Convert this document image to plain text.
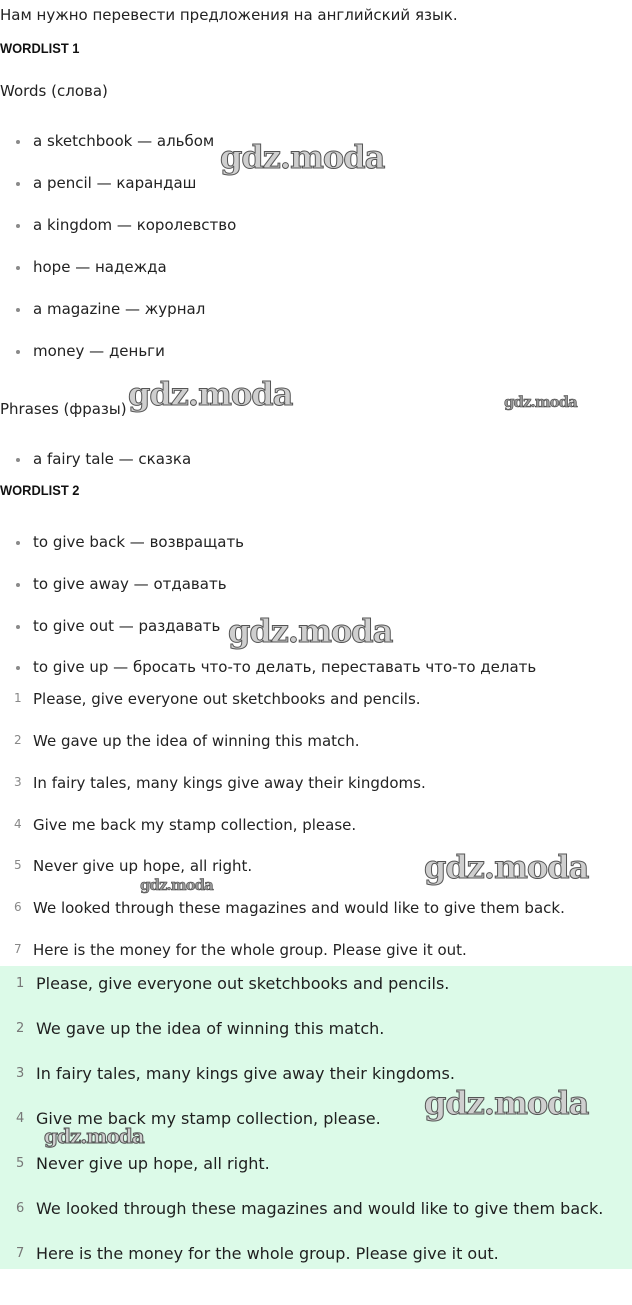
Нам нужно перевести предложения на английский язык.
WORDLIST 1
Words (слова)
a sketchbook — альбом
a pencil — карандаш
a kingdom — королевство
hope — надежда
a magazine — журнал
money — деньги
Phrases (фразы)
a fairy tale — сказка
WORDLIST 2
to give back — возвращать
to give away — отдавать
to give out — раздавать
to give up — бросать что-то делать, переставать что-то делать
1 Please, give everyone out sketchbooks and pencils.
2 We gave up the idea of winning this match.
3 In fairy tales, many kings give away their kingdoms.
4 Give me back my stamp collection, please.
5 Never give up hope, all right.
6 We looked through these magazines and would like to give them back.
7 Here is the money for the whole group. Please give it out.
1 Please, give everyone out sketchbooks and pencils.
2 We gave up the idea of winning this match.
3 In fairy tales, many kings give away their kingdoms.
4 Give me back my stamp collection, please.
5 Never give up hope, all right.
6 We looked through these magazines and would like to give them back.
7 Here is the money for the whole group. Please give it out.
gdz.moda
gdz.moda	gdz.moda
gdz.moda
gdz.moda
gdz.moda
gdz.moda
gdz.moda
